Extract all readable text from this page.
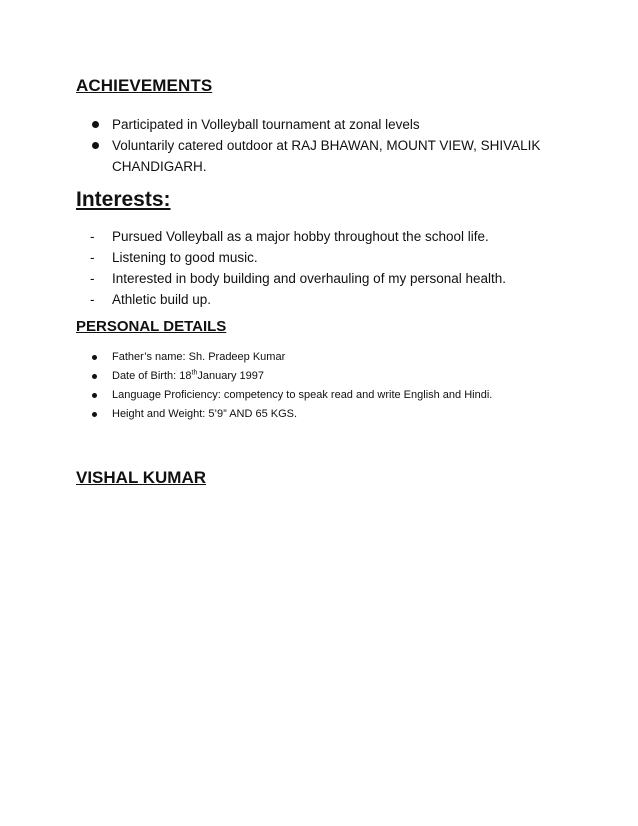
ACHIEVEMENTS
Participated in Volleyball tournament at zonal levels
Voluntarily catered outdoor at RAJ BHAWAN, MOUNT VIEW, SHIVALIK CHANDIGARH.
Interests:
- Pursued Volleyball as a major hobby throughout the school life.
- Listening to good music.
- Interested in body building and overhauling of my personal health.
- Athletic build up.
PERSONAL DETAILS
Father’s name: Sh. Pradeep Kumar
Date of Birth: 18thJanuary 1997
Language Proficiency: competency to speak read and write English and Hindi.
Height and Weight: 5’9” AND 65 KGS.
VISHAL KUMAR
